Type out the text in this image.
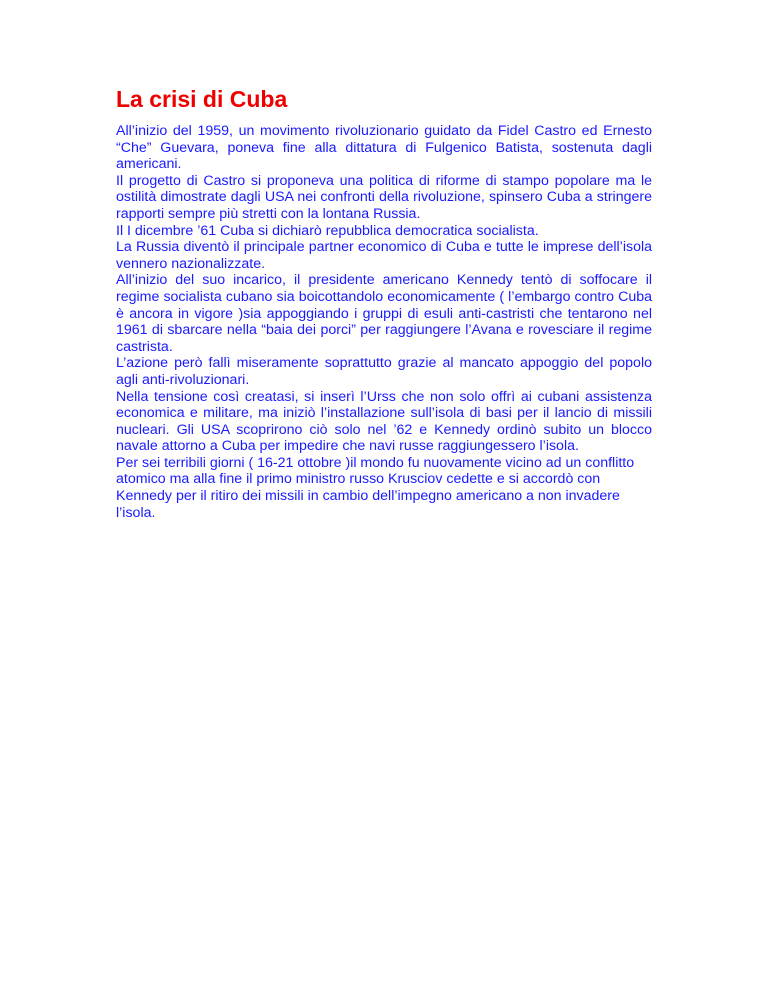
La crisi di Cuba

All’inizio del 1959, un movimento rivoluzionario guidato da Fidel Castro ed Ernesto “Che” Guevara, poneva fine alla dittatura di Fulgenico Batista, sostenuta dagli americani.

Il progetto di Castro si proponeva una politica di riforme di stampo popolare ma le ostilità dimostrate dagli USA nei confronti della rivoluzione, spinsero Cuba a stringere rapporti sempre più stretti con la lontana Russia.

Il I dicembre ’61 Cuba si dichiarò repubblica democratica socialista.

La Russia diventò il principale partner economico di Cuba e tutte le imprese dell’isola vennero nazionalizzate.

All’inizio del suo incarico, il presidente americano Kennedy tentò di soffocare il regime socialista cubano sia boicottandolo economicamente ( l’embargo contro Cuba è ancora in vigore )sia appoggiando i gruppi di esuli anti-castristi che tentarono nel 1961 di sbarcare nella “baia dei porci” per raggiungere l’Avana e rovesciare il regime castrista.

L’azione però fallì miseramente soprattutto grazie al mancato appoggio del popolo agli anti-rivoluzionari.

Nella tensione così creatasi, si inserì l’Urss che non solo offrì ai cubani assistenza economica e militare, ma iniziò l’installazione sull’isola di basi per il lancio di missili nucleari. Gli USA scoprirono ciò solo nel ’62 e Kennedy ordinò subito un blocco navale attorno a Cuba per impedire che navi russe raggiungessero l’isola.

Per sei terribili giorni ( 16-21 ottobre )il mondo fu nuovamente vicino ad un conflitto atomico ma alla fine il primo ministro russo Krusciov cedette e si accordò con Kennedy per il ritiro dei missili in cambio dell’impegno americano a non invadere l’isola.
